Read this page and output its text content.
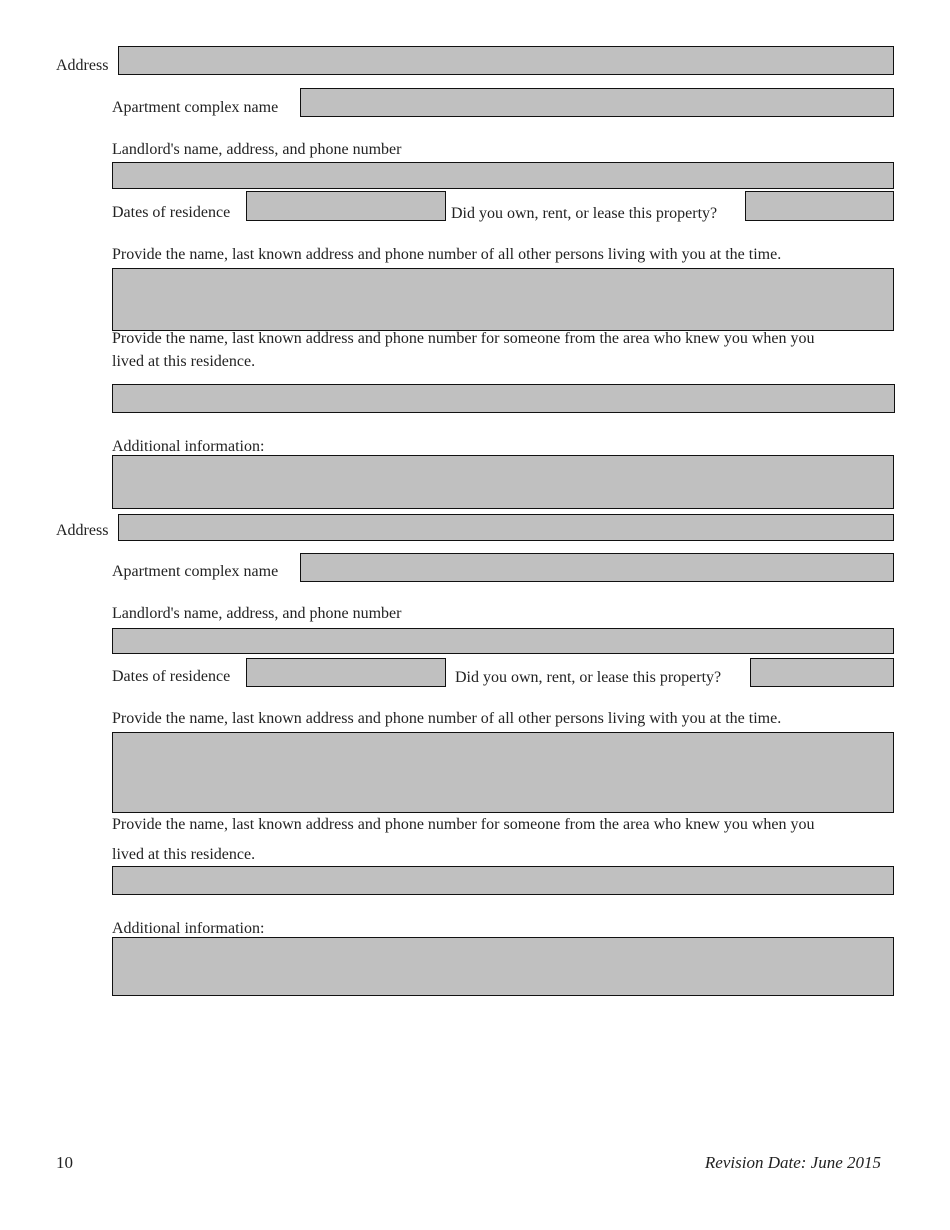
Address
Apartment complex name
Landlord's name, address, and phone number
Dates of residence	Did you own, rent, or lease this property?
Provide the name, last known address and phone number of all other persons living with you at the time.
Provide the name, last known address and phone number for someone from the area who knew you when you
lived at this residence.
Additional information:
Address
Apartment complex name
Landlord's name, address, and phone number
Dates of residence	Did you own, rent, or lease this property?
Provide the name, last known address and phone number of all other persons living with you at the time.
Provide the name, last known address and phone number for someone from the area who knew you when you
lived at this residence.
Additional information:
10	Revision Date: June 2015
